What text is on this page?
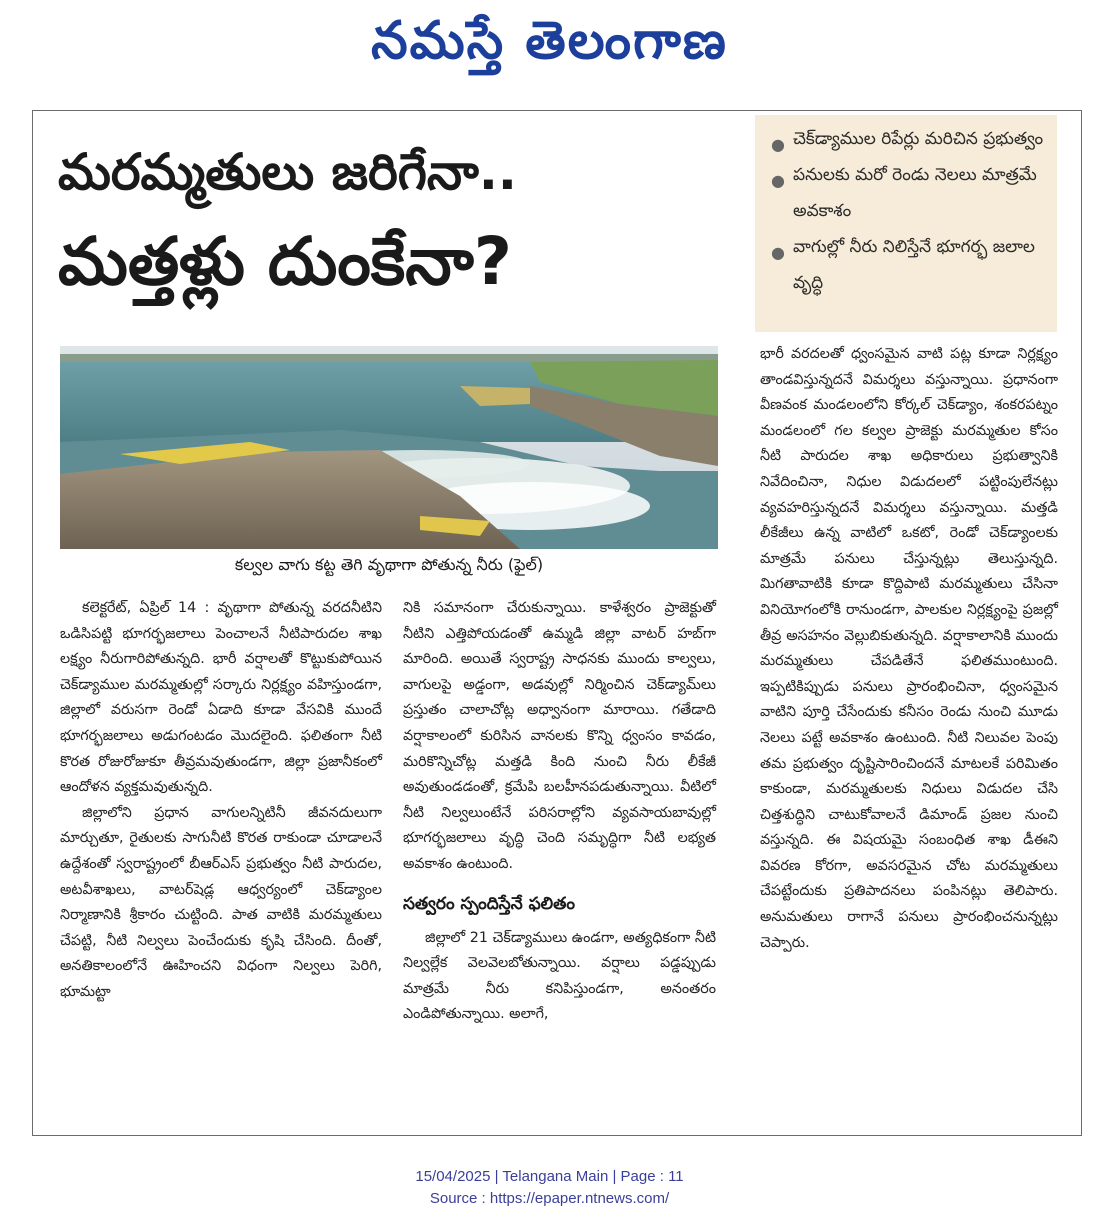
నమస్తే తెలంగాణ
మరమ్మతులు జరిగేనా..
మత్తళ్లు దుంకేనా?
● చెక్‌డ్యాముల రిపేర్లు మరిచిన ప్రభుత్వం
● పనులకు మరో రెండు నెలలు మాత్రమే అవకాశం
● వాగుల్లో నీరు నిలిస్తేనే భూగర్భ జలాల వృద్ధి
కల్వల వాగు కట్ట తెగి వృథాగా పోతున్న నీరు (ఫైల్)

కలెక్టరేట్, ఏప్రిల్ 14 : వృథాగా పోతున్న వరదనీటిని ఒడిసిపట్టి భూగర్భజలాలు పెంచాలనే నీటిపారుదల శాఖ లక్ష్యం నీరుగారిపోతున్నది. భారీ వర్షాలతో కొట్టుకుపోయిన చెక్‌డ్యాముల మరమ్మతుల్లో సర్కారు నిర్లక్ష్యం వహిస్తుండగా, జిల్లాలో వరుసగా రెండో ఏడాది కూడా వేసవికి ముందే భూగర్భజలాలు అడుగంటడం మొదలైంది. ఫలితంగా నీటి కొరత రోజురోజుకూ తీవ్రమవుతుండగా, జిల్లా ప్రజానీకంలో ఆందోళన వ్యక్తమవుతున్నది.

జిల్లాలోని ప్రధాన వాగులన్నిటినీ జీవనదులుగా మార్చుతూ, రైతులకు సాగునీటి కొరత రాకుండా చూడాలనే ఉద్దేశంతో స్వరాష్ట్రంలో బీఆర్‌ఎస్ ప్రభుత్వం నీటి పారుదల, అటవీశాఖలు, వాటర్‌షెడ్ల ఆధ్వర్యంలో చెక్‌డ్యాంల నిర్మాణానికి శ్రీకారం చుట్టింది. పాత వాటికి మరమ్మతులు చేపట్టి, నీటి నిల్వలు పెంచేందుకు కృషి చేసింది. దీంతో, అనతికాలంలోనే ఊహించని విధంగా నిల్వలు పెరిగి, భూమట్టా

నికి సమానంగా చేరుకున్నాయి. కాళేశ్వరం ప్రాజెక్టుతో నీటిని ఎత్తిపోయడంతో ఉమ్మడి జిల్లా వాటర్ హబ్‌గా మారింది. అయితే స్వరాష్ట్ర సాధనకు ముందు కాల్వలు, వాగులపై అడ్డంగా, అడవుల్లో నిర్మించిన చెక్‌డ్యామ్‌లు ప్రస్తుతం చాలాచోట్ల అధ్వానంగా మారాయి. గతేడాది వర్షాకాలంలో కురిసిన వానలకు కొన్ని ధ్వంసం కావడం, మరికొన్నిచోట్ల మత్తడి కింది నుంచి నీరు లీకేజీ అవుతుండడంతో, క్రమేపి బలహీనపడుతున్నాయి. వీటిలో నీటి నిల్వలుంటేనే పరిసరాల్లోని వ్యవసాయబావుల్లో భూగర్భజలాలు వృద్ధి చెంది సమృద్ధిగా నీటి లభ్యత అవకాశం ఉంటుంది.

సత్వరం స్పందిస్తేనే ఫలితం

జిల్లాలో 21 చెక్‌డ్యాములు ఉండగా, అత్యధికంగా నీటి నిల్వల్లేక వెలవెలబోతున్నాయి. వర్షాలు పడ్డప్పుడు మాత్రమే నీరు కనిపిస్తుండగా, అనంతరం ఎండిపోతున్నాయి. అలాగే,

భారీ వరదలతో ధ్వంసమైన వాటి పట్ల కూడా నిర్లక్ష్యం తాండవిస్తున్నదనే విమర్శలు వస్తున్నాయి. ప్రధానంగా వీణవంక మండలంలోని కోర్కల్ చెక్‌డ్యాం, శంకరపట్నం మండలంలో గల కల్వల ప్రాజెక్టు మరమ్మతుల కోసం నీటి పారుదల శాఖ అధికారులు ప్రభుత్వానికి నివేదించినా, నిధుల విడుదలలో పట్టింపులేనట్లు వ్యవహరిస్తున్నదనే విమర్శలు వస్తున్నాయి. మత్తడి లీకేజీలు ఉన్న వాటిలో ఒకటో, రెండో చెక్‌డ్యాంలకు మాత్రమే పనులు చేస్తున్నట్లు తెలుస్తున్నది. మిగతావాటికి కూడా కొద్దిపాటి మరమ్మతులు చేసినా వినియోగంలోకి రానుండగా, పాలకుల నిర్లక్ష్యంపై ప్రజల్లో తీవ్ర అసహనం వెల్లుబికుతున్నది. వర్షాకాలానికి ముందు మరమ్మతులు చేపడితేనే ఫలితముంటుంది. ఇప్పటికిప్పుడు పనులు ప్రారంభించినా, ధ్వంసమైన వాటిని పూర్తి చేసేందుకు కనీసం రెండు నుంచి మూడు నెలలు పట్టే అవకాశం ఉంటుంది. నీటి నిలువల పెంపు తమ ప్రభుత్వం దృష్టిసారించిందనే మాటలకే పరిమితం కాకుండా, మరమ్మతులకు నిధులు విడుదల చేసి చిత్తశుద్ధిని చాటుకోవాలనే డిమాండ్ ప్రజల నుంచి వస్తున్నది. ఈ విషయమై సంబంధిత శాఖ డీఈని వివరణ కోరగా, అవసరమైన చోట మరమ్మతులు చేపట్టేందుకు ప్రతిపాదనలు పంపినట్లు తెలిపారు. అనుమతులు రాగానే పనులు ప్రారంభించనున్నట్లు చెప్పారు.

15/04/2025 | Telangana Main | Page : 11
Source : https://epaper.ntnews.com/
